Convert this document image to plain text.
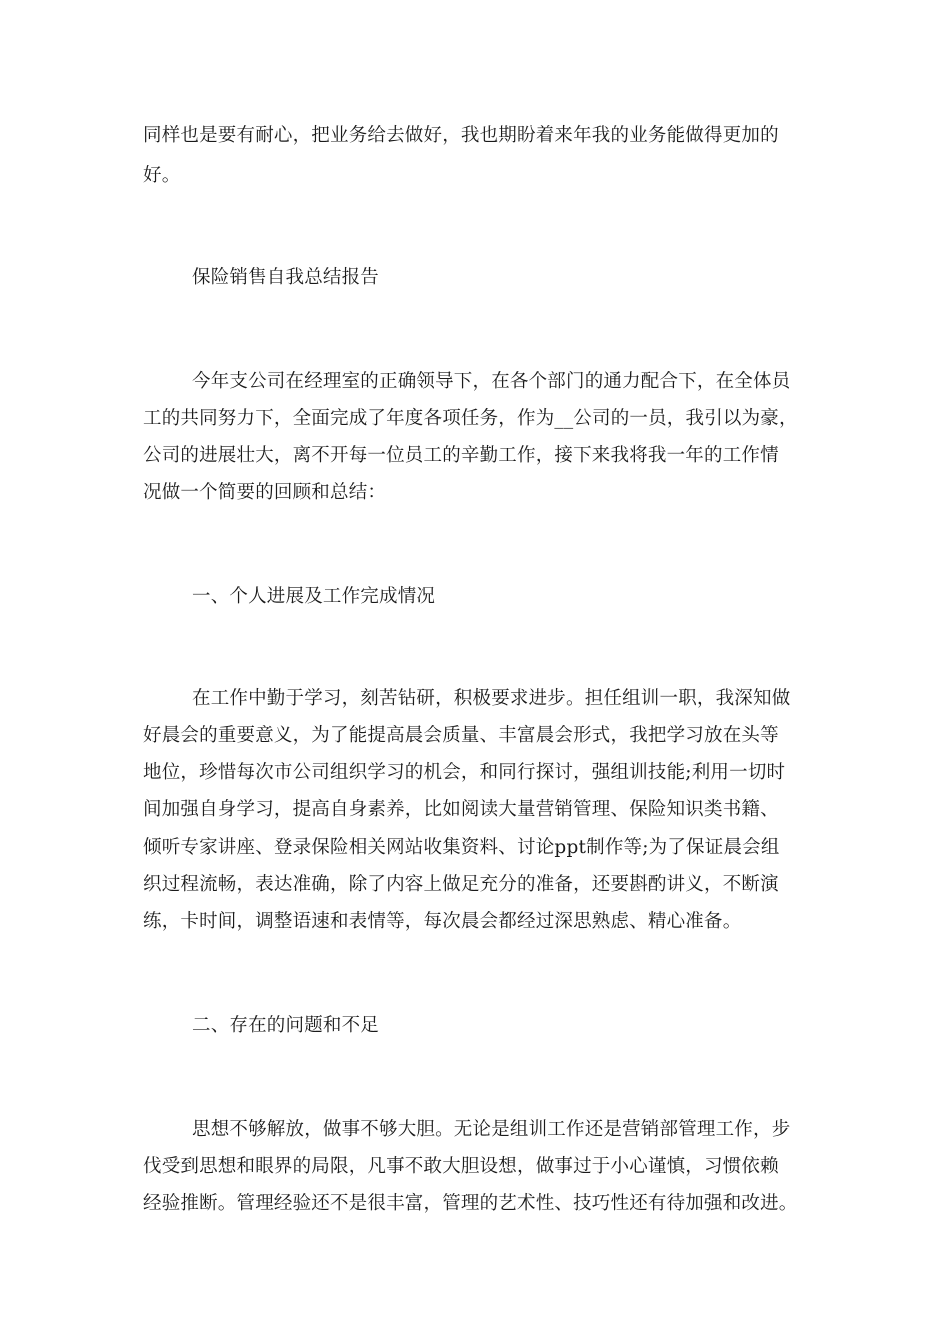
同样也是要有耐心，把业务给去做好，我也期盼着来年我的业务能做得更加的
好。
保险销售自我总结报告
今年支公司在经理室的正确领导下，在各个部门的通力配合下，在全体员
工的共同努力下，全面完成了年度各项任务，作为__公司的一员，我引以为豪，
公司的进展壮大，离不开每一位员工的辛勤工作，接下来我将我一年的工作情
况做一个简要的回顾和总结：
一、个人进展及工作完成情况
在工作中勤于学习，刻苦钻研，积极要求进步。担任组训一职，我深知做
好晨会的重要意义，为了能提高晨会质量、丰富晨会形式，我把学习放在头等
地位，珍惜每次市公司组织学习的机会，和同行探讨，强组训技能;利用一切时
间加强自身学习，提高自身素养，比如阅读大量营销管理、保险知识类书籍、
倾听专家讲座、登录保险相关网站收集资料、讨论ppt制作等;为了保证晨会组
织过程流畅，表达准确，除了内容上做足充分的准备，还要斟酌讲义，不断演
练，卡时间，调整语速和表情等，每次晨会都经过深思熟虑、精心准备。
二、存在的问题和不足
思想不够解放，做事不够大胆。无论是组训工作还是营销部管理工作，步
伐受到思想和眼界的局限，凡事不敢大胆设想，做事过于小心谨慎，习惯依赖
经验推断。管理经验还不是很丰富，管理的艺术性、技巧性还有待加强和改进。
